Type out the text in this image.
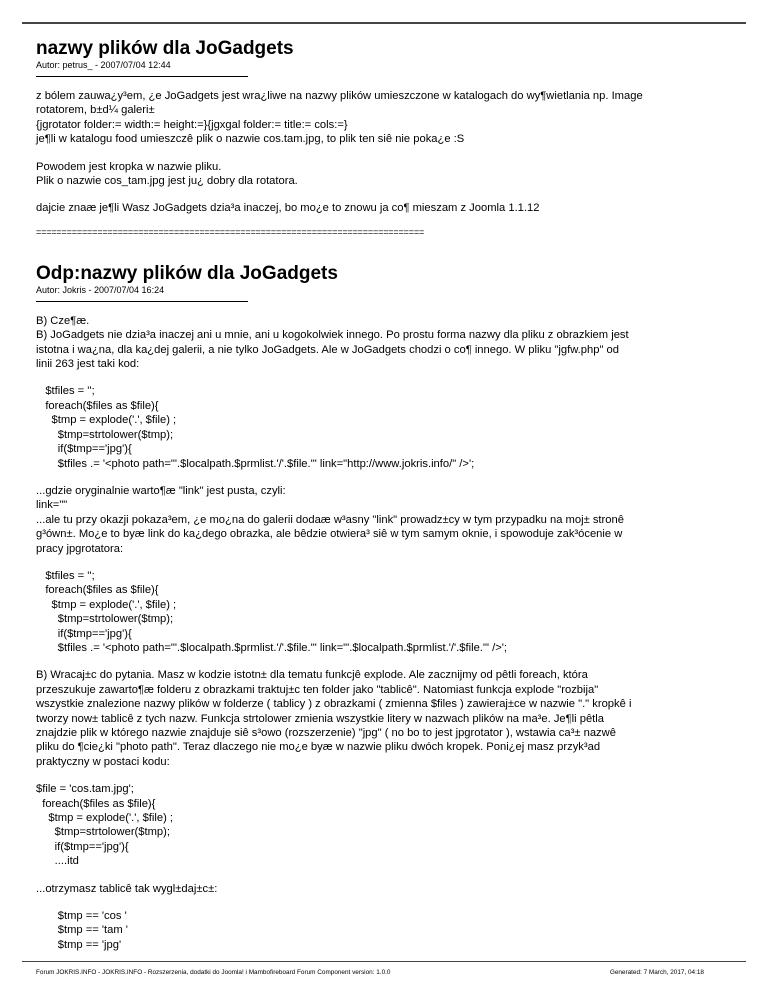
nazwy plików dla JoGadgets
Autor: petrus_ - 2007/07/04 12:44
z bólem zauwa¿y³em, ¿e JoGadgets jest wra¿liwe na nazwy plików umieszczone w katalogach do wy¶wietlania np. Image
rotatorem, b±d¼ galeri±
{jgrotator folder:= width:= height:=}{jgxgal folder:= title:= cols:=}
je¶li w katalogu food umieszczê plik o nazwie cos.tam.jpg, to plik ten siê nie poka¿e :S
Powodem jest kropka w nazwie pliku.
Plik o nazwie cos_tam.jpg jest ju¿ dobry dla rotatora.
dajcie znaæ je¶li Wasz JoGadgets dzia³a inaczej, bo mo¿e to znowu ja co¶ mieszam z Joomla 1.1.12
============================================================================
Odp:nazwy plików dla JoGadgets
Autor: Jokris - 2007/07/04 16:24
B) Cze¶æ.
B) JoGadgets nie dzia³a inaczej ani u mnie, ani u kogokolwiek innego. Po prostu forma nazwy dla pliku z obrazkiem jest
istotna i wa¿na, dla ka¿dej galerii, a nie tylko JoGadgets. Ale w JoGadgets chodzi o co¶ innego. W pliku "jgfw.php" od
linii 263 jest taki kod:
$tfiles = '';
foreach($files as $file){
$tmp = explode('.', $file) ;
$tmp=strtolower($tmp);
if($tmp=='jpg'){
$tfiles .= '<photo path="'.$localpath.$prmlist.'/'.$file.'" link="http://www.jokris.info/" />';
...gdzie oryginalnie warto¶æ "link" jest pusta, czyli:
link=""
...ale tu przy okazji pokaza³em, ¿e mo¿na do galerii dodaæ w³asny "link" prowadz±cy w tym przypadku na moj± stronê
g³ówn±. Mo¿e to byæ link do ka¿dego obrazka, ale bêdzie otwiera³ siê w tym samym oknie, i spowoduje zak³ócenie w
pracy jpgrotatora:
$tfiles = '';
foreach($files as $file){
$tmp = explode('.', $file) ;
$tmp=strtolower($tmp);
if($tmp=='jpg'){
$tfiles .= '<photo path="'.$localpath.$prmlist.'/'.$file.'" link="'.$localpath.$prmlist.'/'.$file.'" />';
B) Wracaj±c do pytania. Masz w kodzie istotn± dla tematu funkcjê explode. Ale zacznijmy od pêtli foreach, która
przeszukuje zawarto¶æ folderu z obrazkami traktuj±c ten folder jako "tablicê". Natomiast funkcja explode "rozbija"
wszystkie znalezione nazwy plików w folderze ( tablicy ) z obrazkami ( zmienna $files ) zawieraj±ce w nazwie "." kropkê i
tworzy now± tablicê z tych nazw. Funkcja strtolower zmienia wszystkie litery w nazwach plików na ma³e. Je¶li pêtla
znajdzie plik w którego nazwie znajduje siê s³owo (rozszerzenie) "jpg" ( no bo to jest jpgrotator ), wstawia ca³± nazwê
pliku do ¶cie¿ki "photo path". Teraz dlaczego nie mo¿e byæ w nazwie pliku dwóch kropek. Poni¿ej masz przyk³ad
praktyczny w postaci kodu:
$file = 'cos.tam.jpg';
foreach($files as $file){
$tmp = explode('.', $file) ;
$tmp=strtolower($tmp);
if($tmp=='jpg'){
....itd
...otrzymasz tablicê tak wygl±daj±c±:
$tmp == 'cos '
$tmp == 'tam '
$tmp == 'jpg'
Forum JOKRIS.INFO - JOKRIS.INFO - Rozszerzenia, dodatki do Joomla! i Mambofireboard Forum Component version: 1.0.0	Generated: 7 March, 2017, 04:18
